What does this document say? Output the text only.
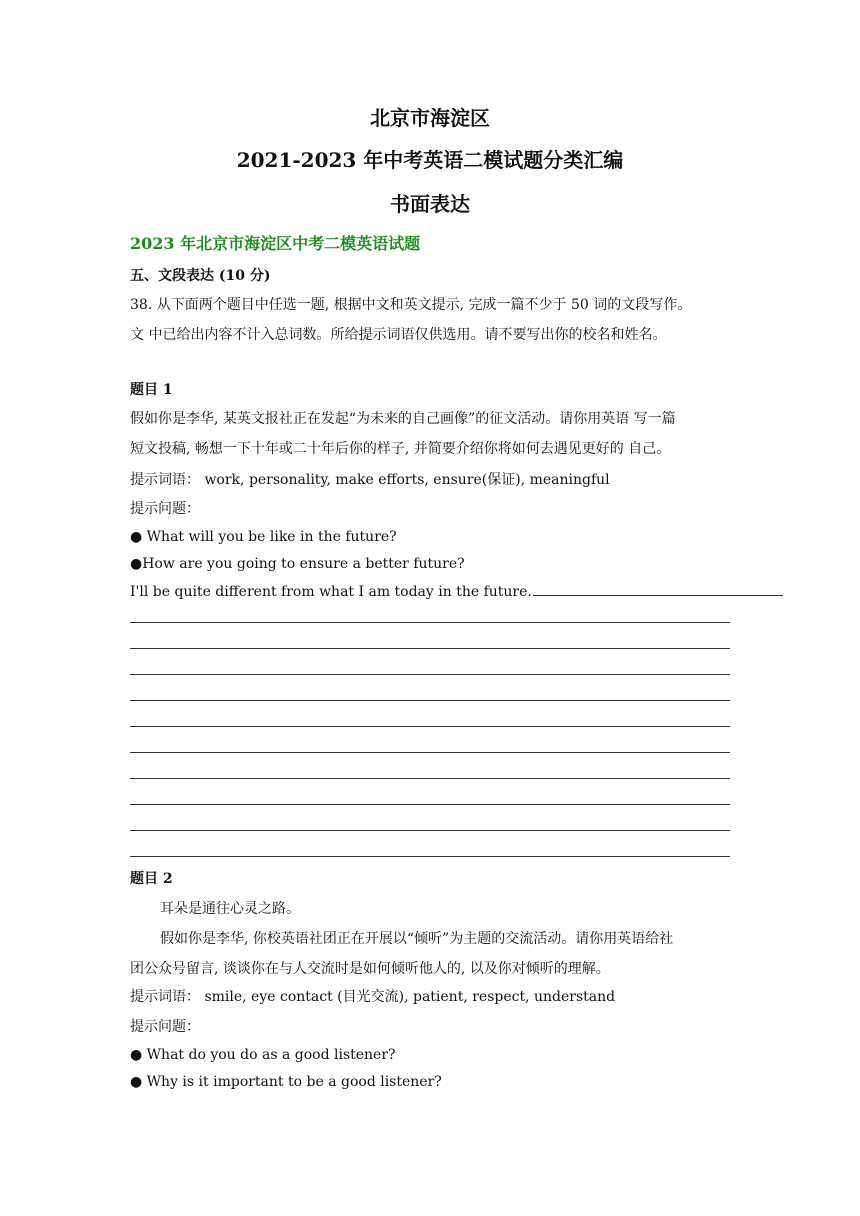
北京市海淀区
2021-2023 年中考英语二模试题分类汇编
书面表达
2023 年北京市海淀区中考二模英语试题
五、文段表达 (10 分)
38. 从下面两个题目中任选一题, 根据中文和英文提示, 完成一篇不少于 50 词的文段写作。
文 中已给出内容不计入总词数。所给提示词语仅供选用。请不要写出你的校名和姓名。
题目 1
假如你是李华, 某英文报社正在发起“为未来的自己画像”的征文活动。请你用英语 写一篇
短文投稿, 畅想一下十年或二十年后你的样子, 并简要介绍你将如何去遇见更好的 自己。
提示词语： work, personality, make efforts, ensure(保证), meaningful
提示问题：
● What will you be like in the future?
●How are you going to ensure a better future?
I'll be quite different from what I am today in the future.
题目 2
耳朵是通往心灵之路。
假如你是李华, 你校英语社团正在开展以“倾听”为主题的交流活动。请你用英语给社
团公众号留言, 谈谈你在与人交流时是如何倾听他人的, 以及你对倾听的理解。
提示词语： smile, eye contact (目光交流), patient, respect, understand
提示问题：
● What do you do as a good listener?
● Why is it important to be a good listener?
